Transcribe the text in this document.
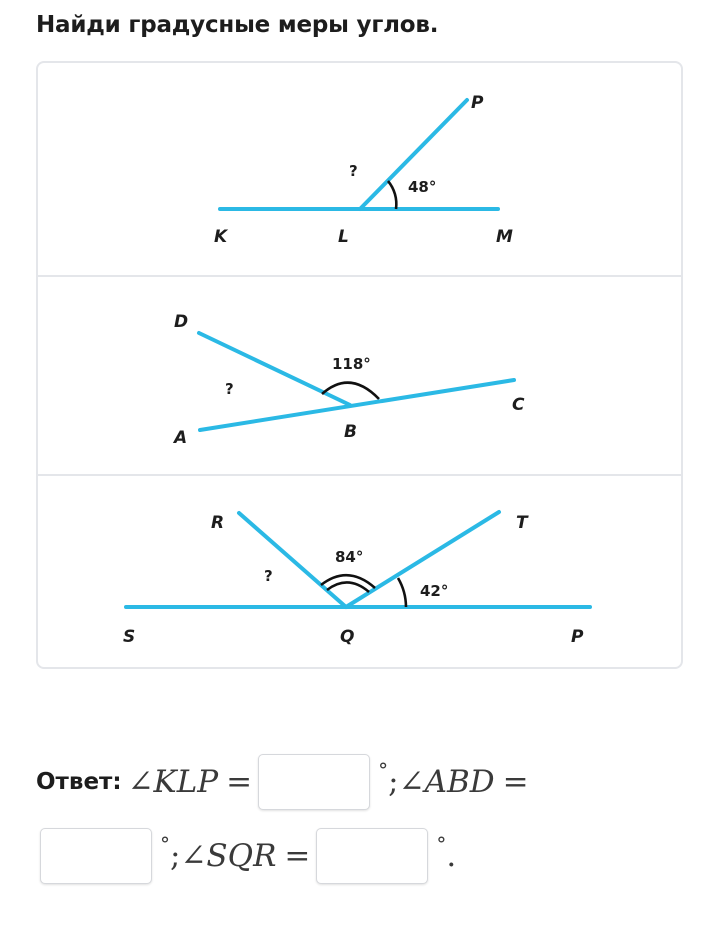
Найди градусные меры углов.
48°
?
P
K	L	M
118°
?
D
A	B
C
84°
42°
?
R	T
S	Q	P
Ответ: ∠KLP =	° ; ∠ABD =
° ; ∠SQR =	° .
